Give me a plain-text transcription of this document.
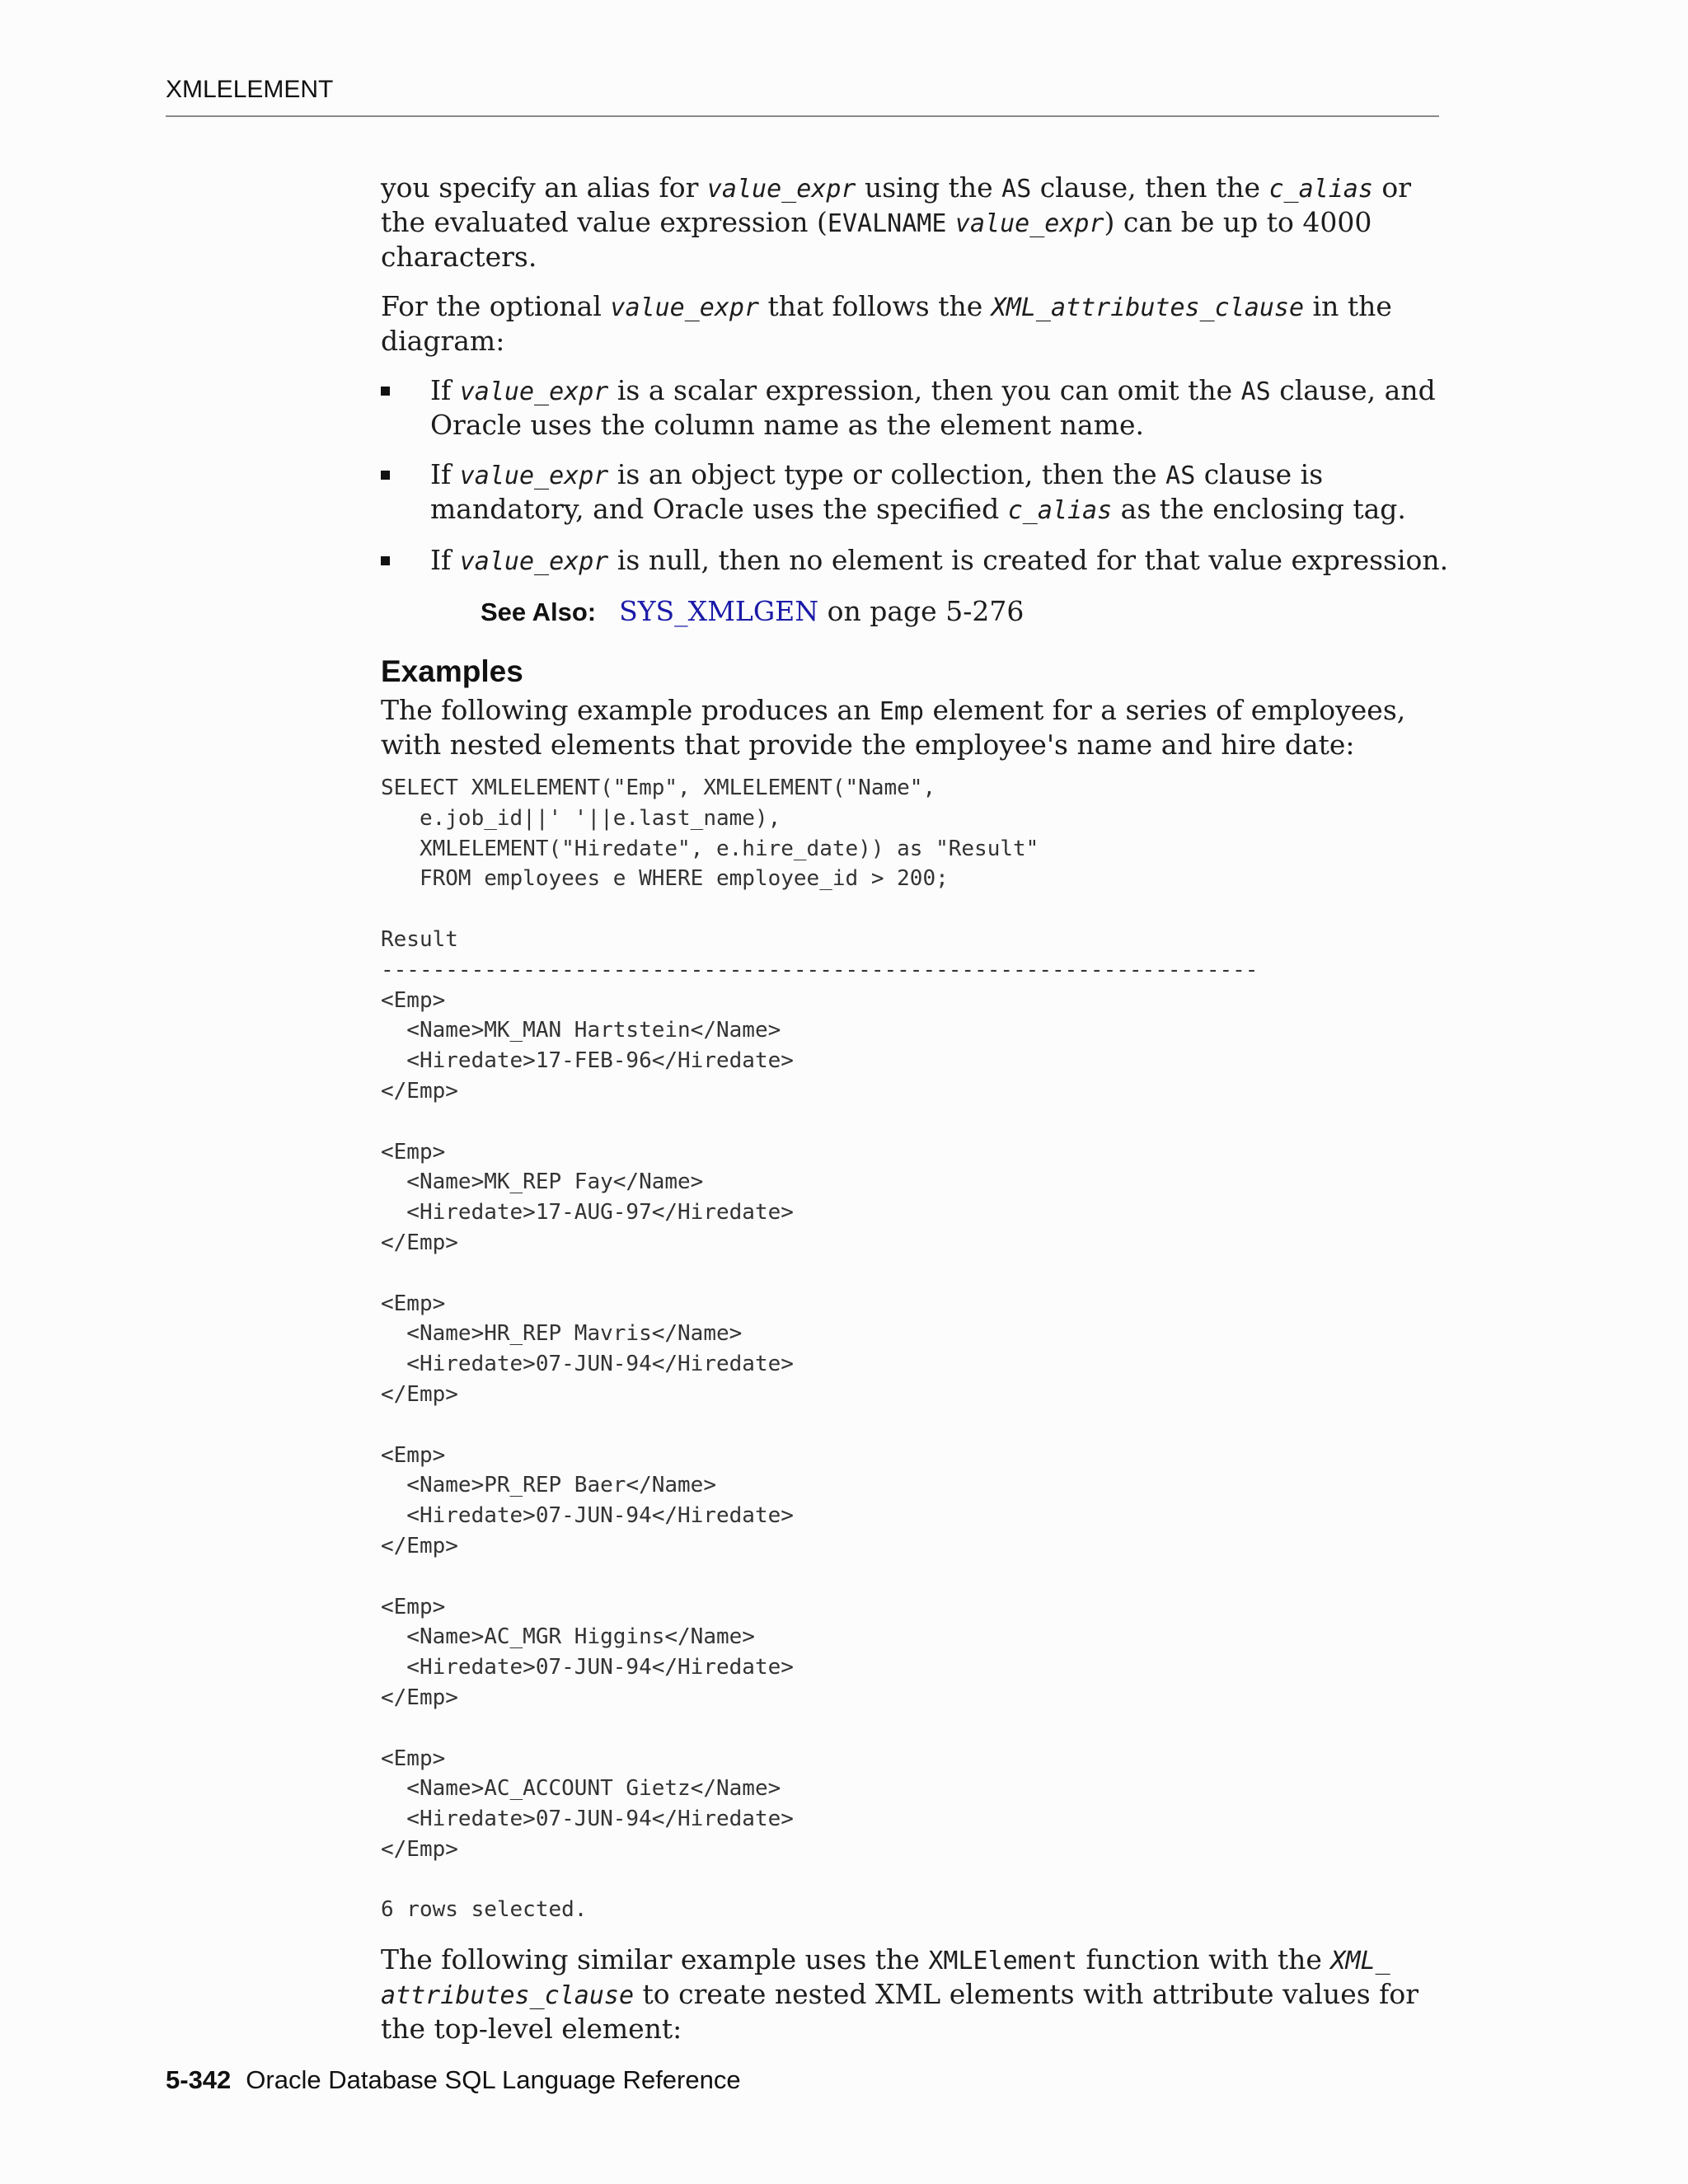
XMLELEMENT

you specify an alias for value_expr using the AS clause, then the c_alias or the evaluated value expression (EVALNAME value_expr) can be up to 4000 characters.

For the optional value_expr that follows the XML_attributes_clause in the diagram:

If value_expr is a scalar expression, then you can omit the AS clause, and Oracle uses the column name as the element name.
If value_expr is an object type or collection, then the AS clause is mandatory, and Oracle uses the specified c_alias as the enclosing tag.
If value_expr is null, then no element is created for that value expression.
See Also: SYS_XMLGEN on page 5-276
Examples

The following example produces an Emp element for a series of employees, with nested elements that provide the employee's name and hire date:

SELECT XMLELEMENT("Emp", XMLELEMENT("Name",
e.job_id||' '||e.last_name),
XMLELEMENT("Hiredate", e.hire_date)) as "Result"
FROM employees e WHERE employee_id > 200;

Result
--------------------------------------------------------------------
<Emp>
<Name>MK_MAN Hartstein</Name>
<Hiredate>17-FEB-96</Hiredate>
</Emp>

<Emp>
<Name>MK_REP Fay</Name>
<Hiredate>17-AUG-97</Hiredate>
</Emp>

<Emp>
<Name>HR_REP Mavris</Name>
<Hiredate>07-JUN-94</Hiredate>
</Emp>

<Emp>
<Name>PR_REP Baer</Name>
<Hiredate>07-JUN-94</Hiredate>
</Emp>

<Emp>
<Name>AC_MGR Higgins</Name>
<Hiredate>07-JUN-94</Hiredate>
</Emp>

<Emp>
<Name>AC_ACCOUNT Gietz</Name>
<Hiredate>07-JUN-94</Hiredate>
</Emp>

6 rows selected.

The following similar example uses the XMLElement function with the XML_
attributes_clause to create nested XML elements with attribute values for the top-level element:

5-342 Oracle Database SQL Language Reference
